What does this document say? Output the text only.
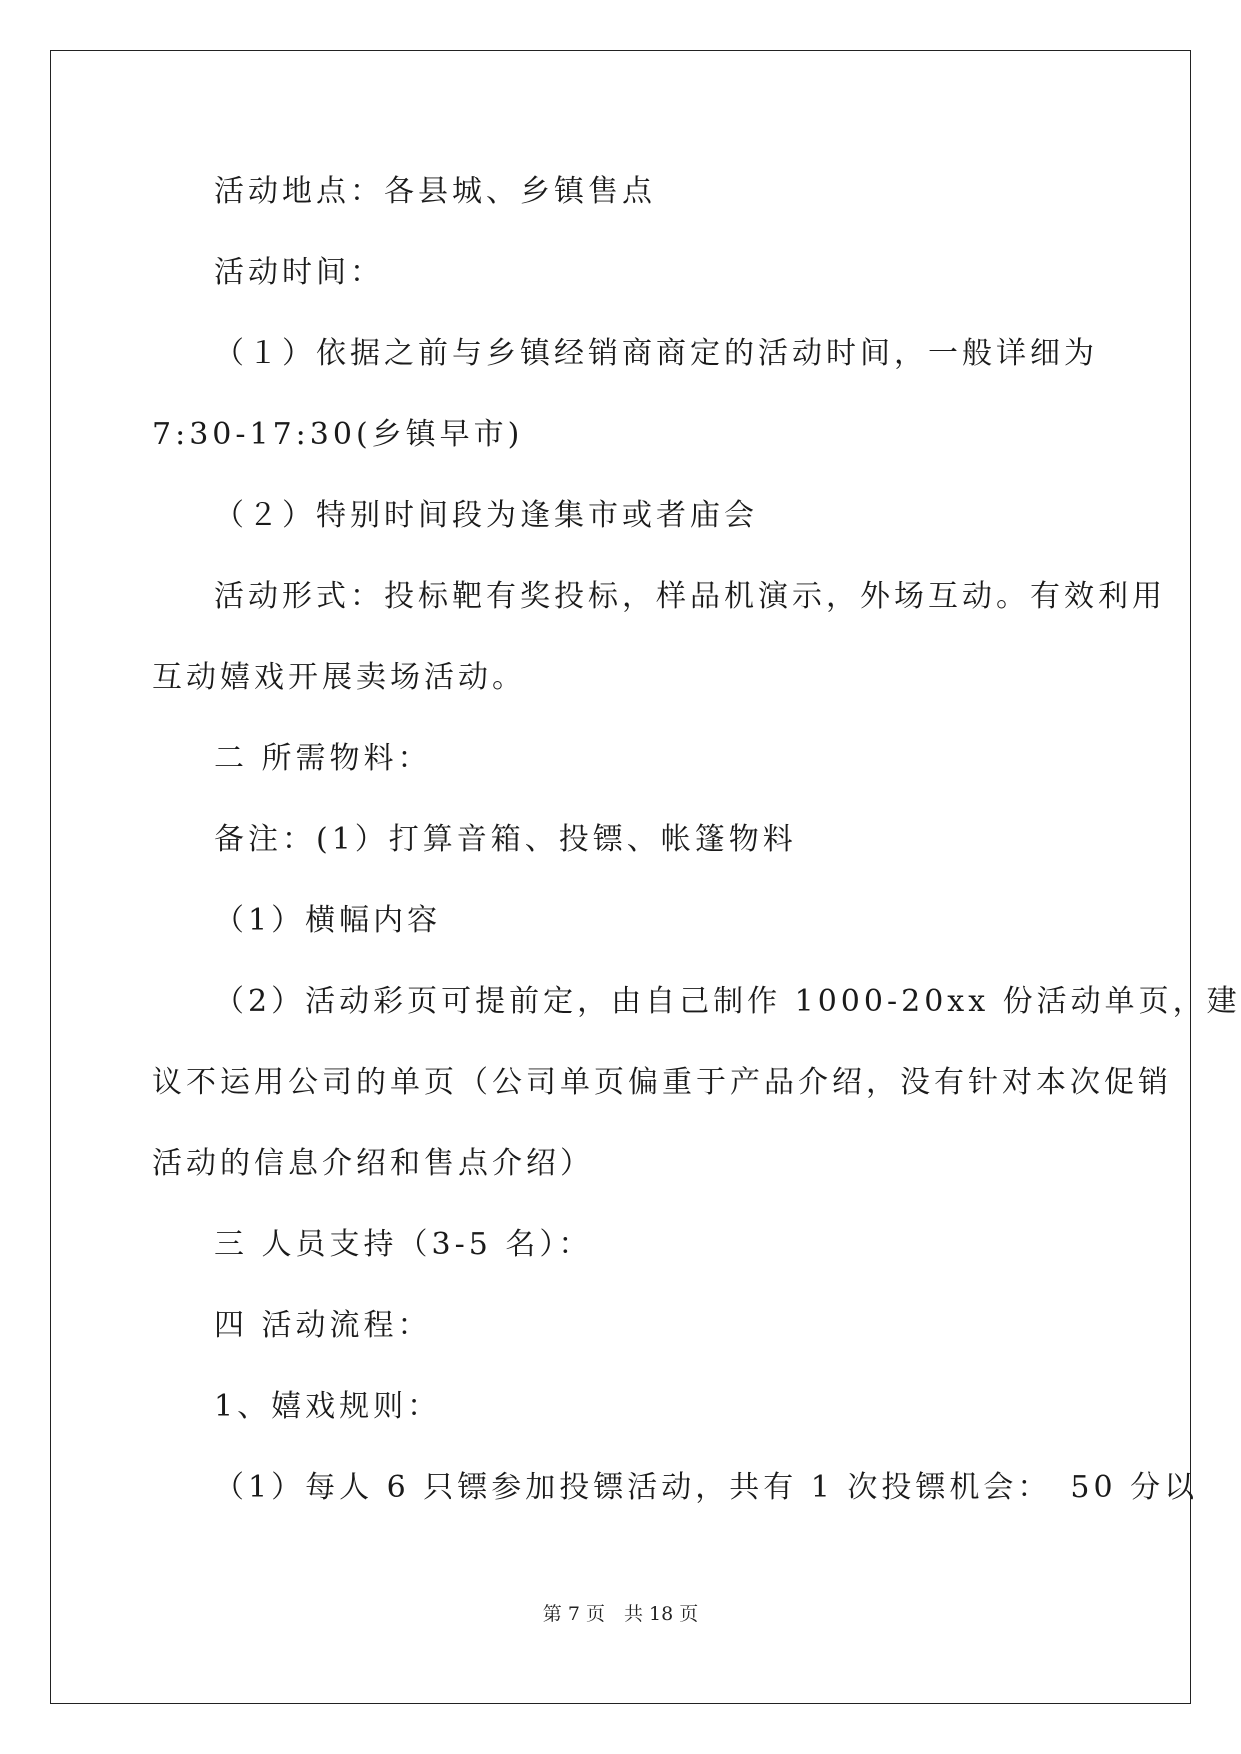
活动地点：各县城、乡镇售点
活动时间：
（１）依据之前与乡镇经销商商定的活动时间，一般详细为
7:30-17:30(乡镇早市)
（２）特别时间段为逢集市或者庙会
活动形式：投标靶有奖投标，样品机演示，外场互动。有效利用
互动嬉戏开展卖场活动。
二 所需物料：
备注：(1）打算音箱、投镖、帐篷物料
（1）横幅内容
（2）活动彩页可提前定，由自己制作 1000-20xx 份活动单页，建
议不运用公司的单页（公司单页偏重于产品介绍，没有针对本次促销
活动的信息介绍和售点介绍）
三 人员支持（3-5 名）：
四 活动流程：
1、嬉戏规则：
（1）每人 6 只镖参加投镖活动，共有 1 次投镖机会：　50 分以
第 7 页　共 18 页
